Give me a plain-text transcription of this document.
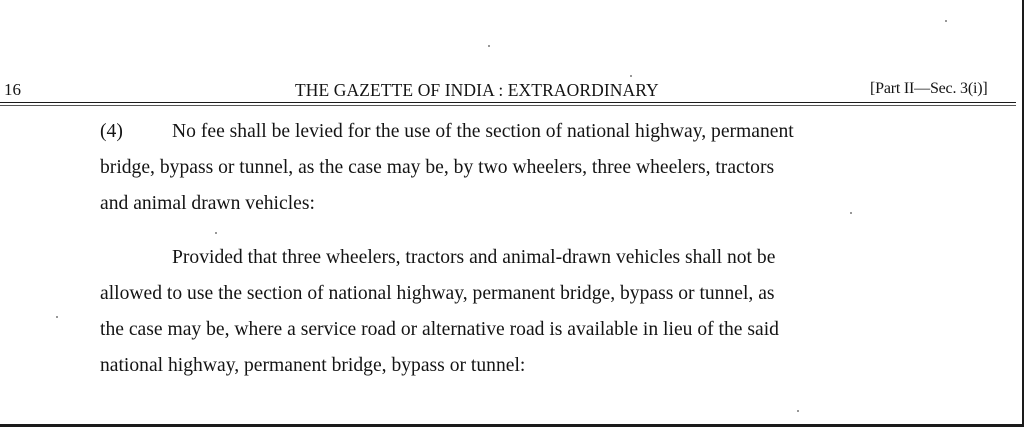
16	THE GAZETTE OF INDIA : EXTRAORDINARY	[Part II—Sec. 3(i)]
(4)	No fee shall be levied for the use of the section of national highway, permanent
bridge, bypass or tunnel, as the case may be, by two wheelers, three wheelers, tractors
and animal drawn vehicles:
Provided that three wheelers, tractors and animal-drawn vehicles shall not be
allowed to use the section of national highway, permanent bridge, bypass or tunnel, as
the case may be, where a service road or alternative road is available in lieu of the said
national highway, permanent bridge, bypass or tunnel:
